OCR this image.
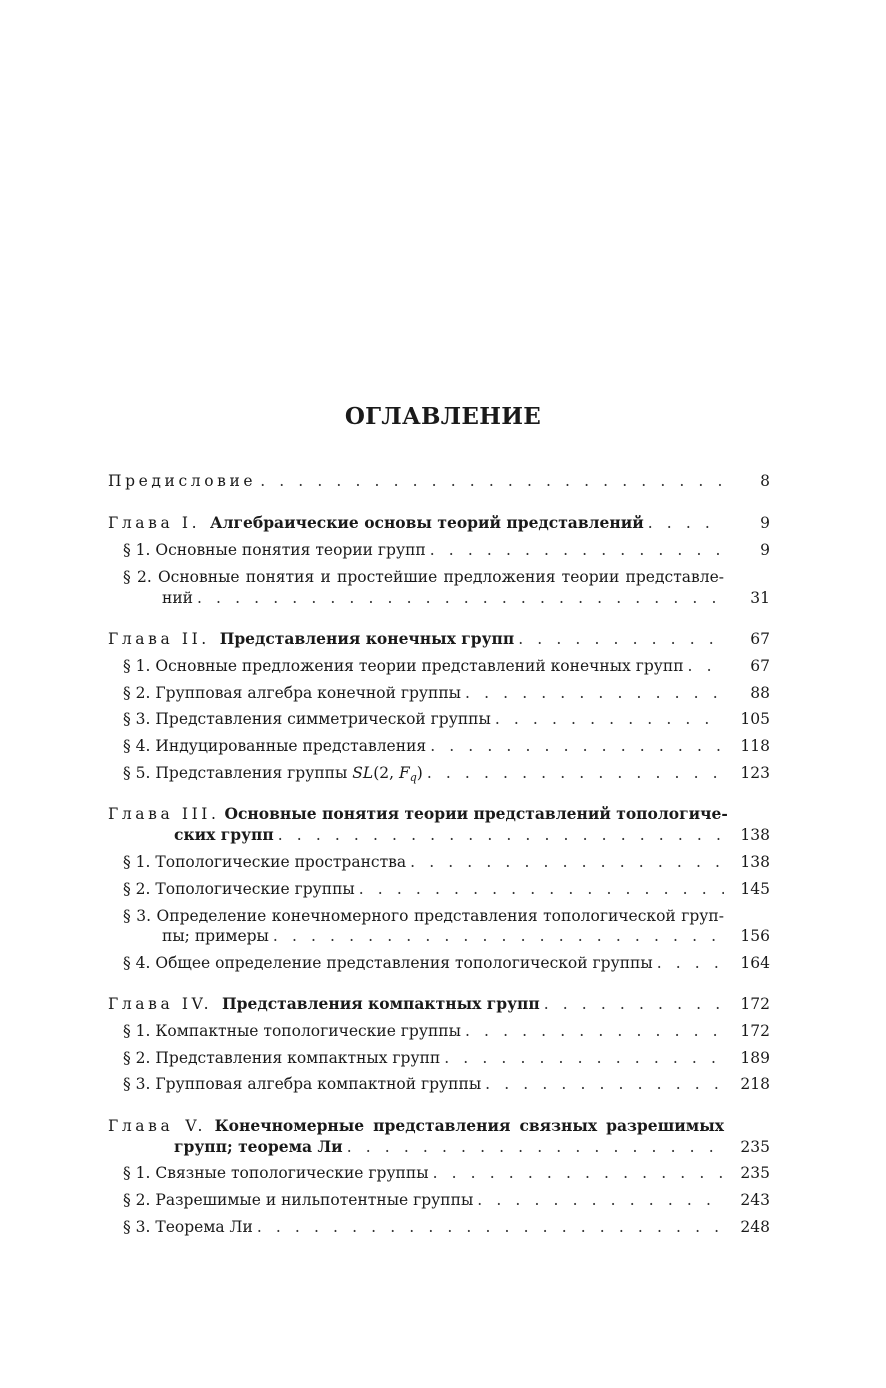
ОГЛАВЛЕНИЕ
Предисловие . . .	8
Глава I. Алгебраические основы теорий представлений . . .	9
§ 1. Основные понятия теории групп . . .	9
§ 2. Основные понятия и простейшие предложения теории представле-
ний . . .	31
Глава II. Представления конечных групп . . .	67
§ 1. Основные предложения теории представлений конечных групп . . .	67
§ 2. Групповая алгебра конечной группы . . .	88
§ 3. Представления симметрической группы . . .	105
§ 4. Индуцированные представления . . .	118
§ 5. Представления группы SL(2, $F_q$) . . .	123
Глава III. Основные понятия теории представлений топологиче-
ских групп . . .	138
§ 1. Топологические пространства . . .	138
§ 2. Топологические группы . . .	145
§ 3. Определение конечномерного представления топологической груп-
пы; примеры . . .	156
§ 4. Общее определение представления топологической группы . . .	164
Глава IV. Представления компактных групп . . .	172
§ 1. Компактные топологические группы . . .	172
§ 2. Представления компактных групп . . .	189
§ 3. Групповая алгебра компактной группы . . .	218
Глава V. Конечномерные представления связных разрешимых
групп; теорема Ли . . .	235
§ 1. Связные топологические группы . . .	235
§ 2. Разрешимые и нильпотентные группы . . .	243
§ 3. Теорема Ли . . .	248
